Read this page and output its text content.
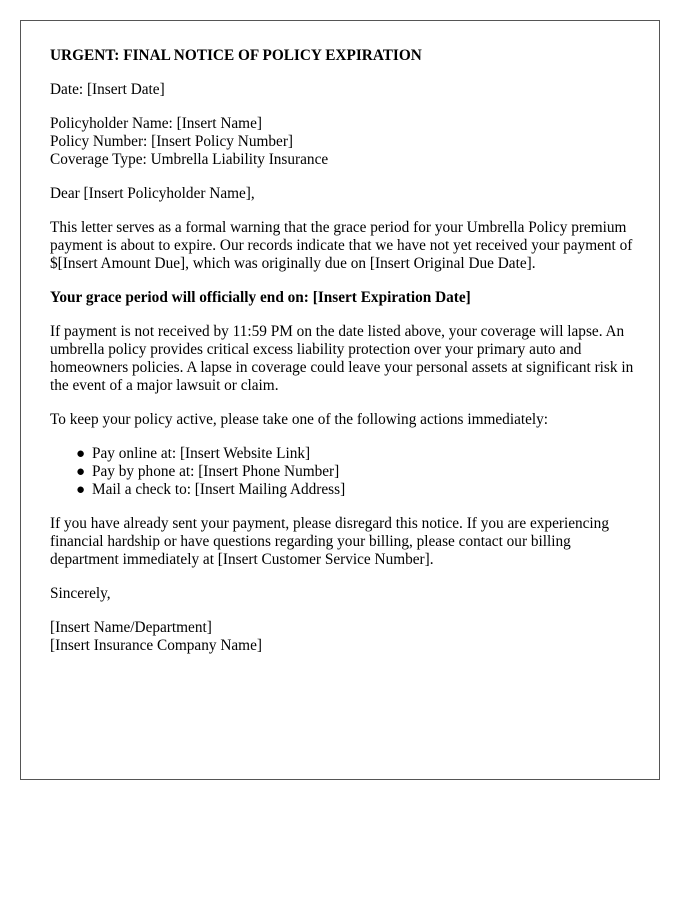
URGENT: FINAL NOTICE OF POLICY EXPIRATION

Date: [Insert Date]

Policyholder Name: [Insert Name]
Policy Number: [Insert Policy Number]
Coverage Type: Umbrella Liability Insurance

Dear [Insert Policyholder Name],

This letter serves as a formal warning that the grace period for your Umbrella Policy premium payment is about to expire. Our records indicate that we have not yet received your payment of $[Insert Amount Due], which was originally due on [Insert Original Due Date].

Your grace period will officially end on: [Insert Expiration Date]

If payment is not received by 11:59 PM on the date listed above, your coverage will lapse. An umbrella policy provides critical excess liability protection over your primary auto and homeowners policies. A lapse in coverage could leave your personal assets at significant risk in the event of a major lawsuit or claim.

To keep your policy active, please take one of the following actions immediately:

● Pay online at: [Insert Website Link]
● Pay by phone at: [Insert Phone Number]
● Mail a check to: [Insert Mailing Address]

If you have already sent your payment, please disregard this notice. If you are experiencing financial hardship or have questions regarding your billing, please contact our billing department immediately at [Insert Customer Service Number].

Sincerely,

[Insert Name/Department]
[Insert Insurance Company Name]
